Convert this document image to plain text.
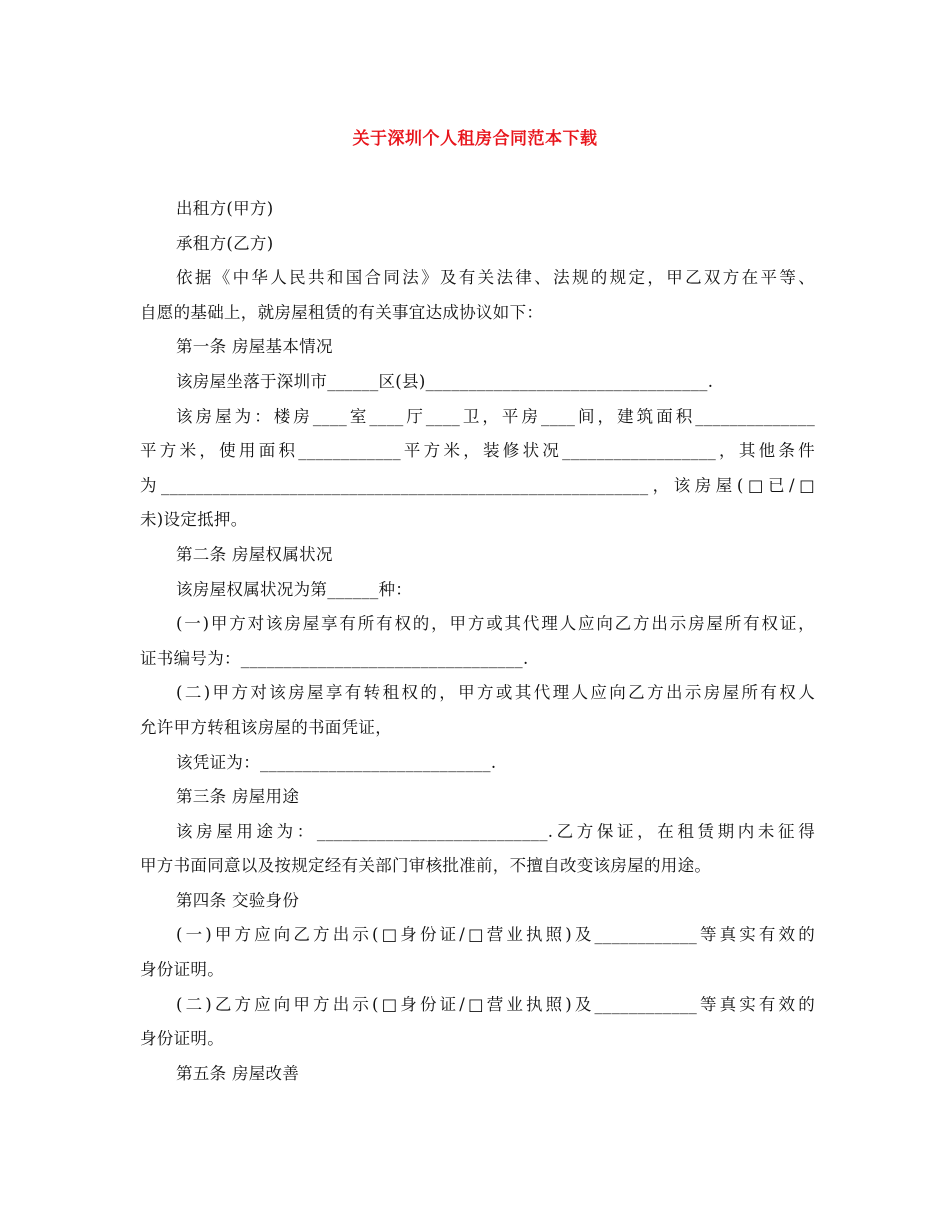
关于深圳个人租房合同范本下载
出租方(甲方)
承租方(乙方)
依据《中华人民共和国合同法》及有关法律、法规的规定，甲乙双方在平等、
自愿的基础上，就房屋租赁的有关事宜达成协议如下：
第一条 房屋基本情况
该房屋坐落于深圳市______区(县)_________________________________.
该房屋为：楼房____室____厅____卫，平房____间，建筑面积______________
平方米，使用面积____________平方米，装修状况__________________，其他条件
为_________________________________________________________，该房屋(□已/□
未)设定抵押。
第二条 房屋权属状况
该房屋权属状况为第______种：
(一)甲方对该房屋享有所有权的，甲方或其代理人应向乙方出示房屋所有权证，
证书编号为：_________________________________.
(二)甲方对该房屋享有转租权的，甲方或其代理人应向乙方出示房屋所有权人
允许甲方转租该房屋的书面凭证，
该凭证为：___________________________.
第三条 房屋用途
该房屋用途为：___________________________.乙方保证，在租赁期内未征得
甲方书面同意以及按规定经有关部门审核批准前，不擅自改变该房屋的用途。
第四条 交验身份
(一)甲方应向乙方出示(□身份证/□营业执照)及____________等真实有效的
身份证明。
(二)乙方应向甲方出示(□身份证/□营业执照)及____________等真实有效的
身份证明。
第五条 房屋改善
